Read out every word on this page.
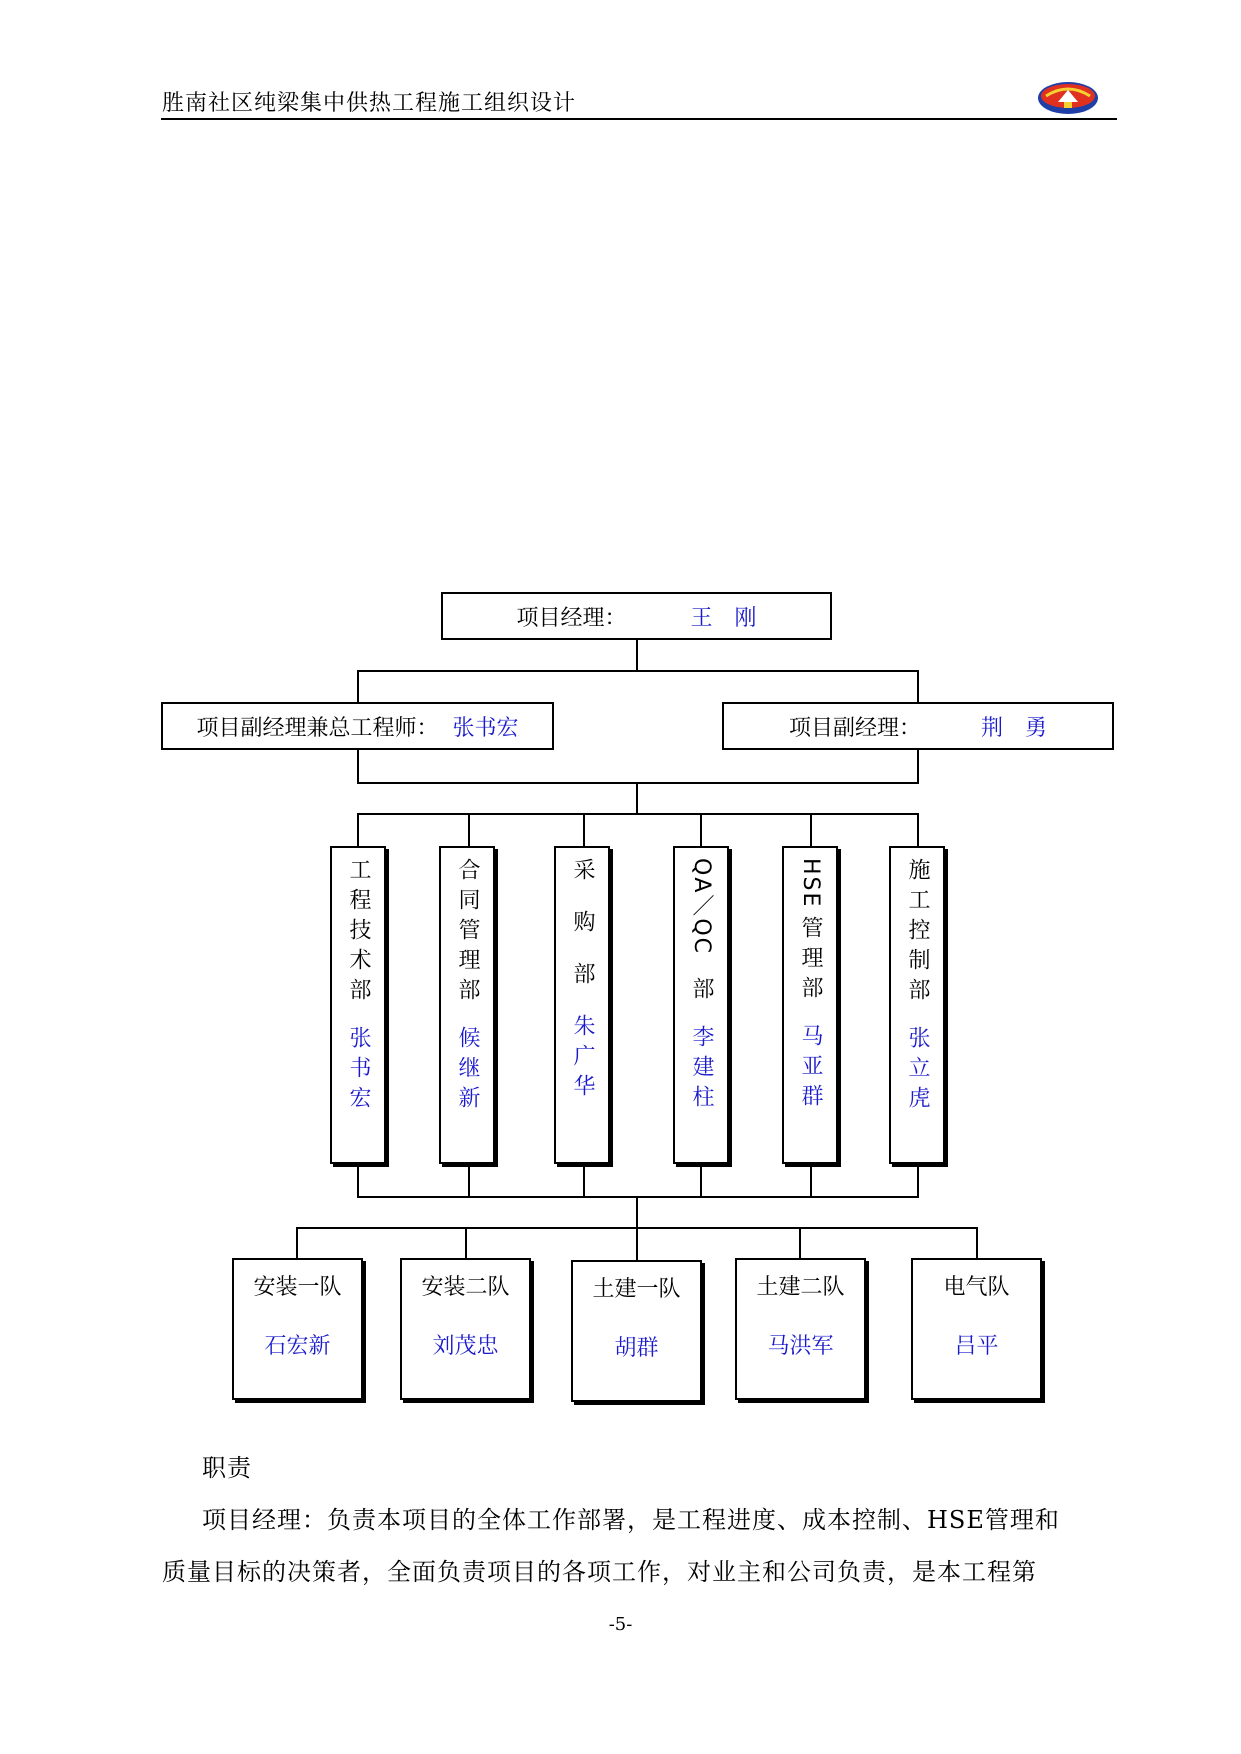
胜南社区纯梁集中供热工程施工组织设计
项目经理：	王　刚
项目副经理兼总工程师： 张书宏	项目副经理：	荆　勇
工程技术部
张书宏
合同管理部
候继新
采购部
朱广华
QA／QC
部
李建柱
HSE
管理部
马亚群
施工控制部
张立虎
安装一队
石宏新
安装二队
刘茂忠
土建一队
胡群
土建二队
马洪军
电气队
吕平
职责
项目经理：负责本项目的全体工作部署，是工程进度、成本控制、HSE管理和
质量目标的决策者，全面负责项目的各项工作，对业主和公司负责，是本工程第
-5-
